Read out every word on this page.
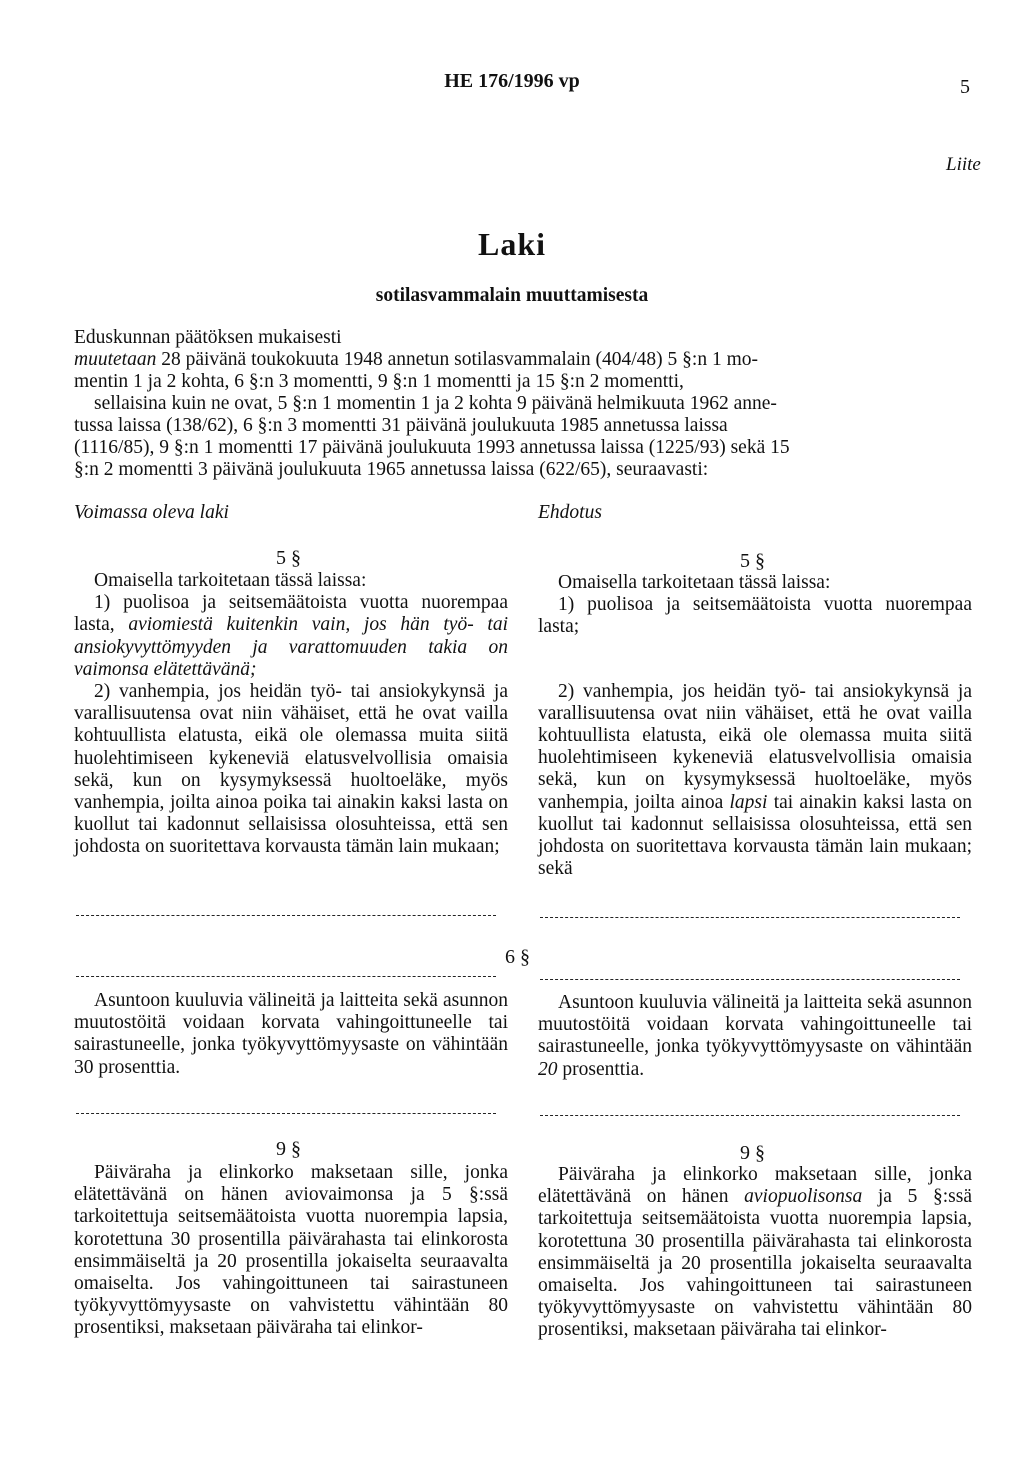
HE 176/1996 vp	5
Liite
Laki
sotilasvammalain muuttamisesta

Eduskunnan päätöksen mukaisesti

muutetaan 28 päivänä toukokuuta 1948 annetun sotilasvammalain (404/48) 5 §:n 1 mo-

mentin 1 ja 2 kohta, 6 §:n 3 momentti, 9 §:n 1 momentti ja 15 §:n 2 momentti,

sellaisina kuin ne ovat, 5 §:n 1 momentin 1 ja 2 kohta 9 päivänä helmikuuta 1962 anne-

tussa laissa (138/62), 6 §:n 3 momentti 31 päivänä joulukuuta 1985 annetussa laissa

(1116/85), 9 §:n 1 momentti 17 päivänä joulukuuta 1993 annetussa laissa (1225/93) sekä 15

§:n 2 momentti 3 päivänä joulukuuta 1965 annetussa laissa (622/65), seuraavasti:

Voimassa oleva laki	Ehdotus
5 §	5 §

Omaisella tarkoitetaan tässä laissa:

1) puolisoa ja seitsemäätoista vuotta nuorempaa lasta, aviomiestä kuitenkin vain, jos hän työ- tai ansiokyvyttömyyden ja varattomuuden takia on vaimonsa elätettävänä;

2) vanhempia, jos heidän työ- tai ansiokykynsä ja varallisuutensa ovat niin vähäiset, että he ovat vailla kohtuullista elatusta, eikä ole olemassa muita siitä huolehtimiseen kykeneviä elatusvelvollisia omaisia sekä, kun on kysymyksessä huoltoeläke, myös vanhempia, joilta ainoa poika tai ainakin kaksi lasta on kuollut tai kadonnut sellaisissa olosuhteissa, että sen johdosta on suoritettava korvausta tämän lain mukaan;

Omaisella tarkoitetaan tässä laissa:

1) puolisoa ja seitsemäätoista vuotta nuorempaa lasta;

2) vanhempia, jos heidän työ- tai ansiokykynsä ja varallisuutensa ovat niin vähäiset, että he ovat vailla kohtuullista elatusta, eikä ole olemassa muita siitä huolehtimiseen kykeneviä elatusvelvollisia omaisia sekä, kun on kysymyksessä huoltoeläke, myös vanhempia, joilta ainoa lapsi tai ainakin kaksi lasta on kuollut tai kadonnut sellaisissa olosuhteissa, että sen johdosta on suoritettava korvausta tämän lain mukaan; sekä

6 §

Asuntoon kuuluvia välineitä ja laitteita sekä asunnon muutostöitä voidaan korvata vahingoittuneelle tai sairastuneelle, jonka työkyvyttömyysaste on vähintään 30 prosenttia.

Asuntoon kuuluvia välineitä ja laitteita sekä asunnon muutostöitä voidaan korvata vahingoittuneelle tai sairastuneelle, jonka työkyvyttömyysaste on vähintään 20 prosenttia.

9 §	9 §

Päiväraha ja elinkorko maksetaan sille, jonka elätettävänä on hänen aviovaimonsa ja 5 §:ssä tarkoitettuja seitsemäätoista vuotta nuorempia lapsia, korotettuna 30 prosentilla päivärahasta tai elinkorosta ensimmäiseltä ja 20 prosentilla jokaiselta seuraavalta omaiselta. Jos vahingoittuneen tai sairastuneen työkyvyttömyysaste on vahvistettu vähintään 80 prosentiksi, maksetaan päiväraha tai elinkor-

Päiväraha ja elinkorko maksetaan sille, jonka elätettävänä on hänen aviopuolisonsa ja 5 §:ssä tarkoitettuja seitsemäätoista vuotta nuorempia lapsia, korotettuna 30 prosentilla päivärahasta tai elinkorosta ensimmäiseltä ja 20 prosentilla jokaiselta seuraavalta omaiselta. Jos vahingoittuneen tai sairastuneen työkyvyttömyysaste on vahvistettu vähintään 80 prosentiksi, maksetaan päiväraha tai elinkor-
